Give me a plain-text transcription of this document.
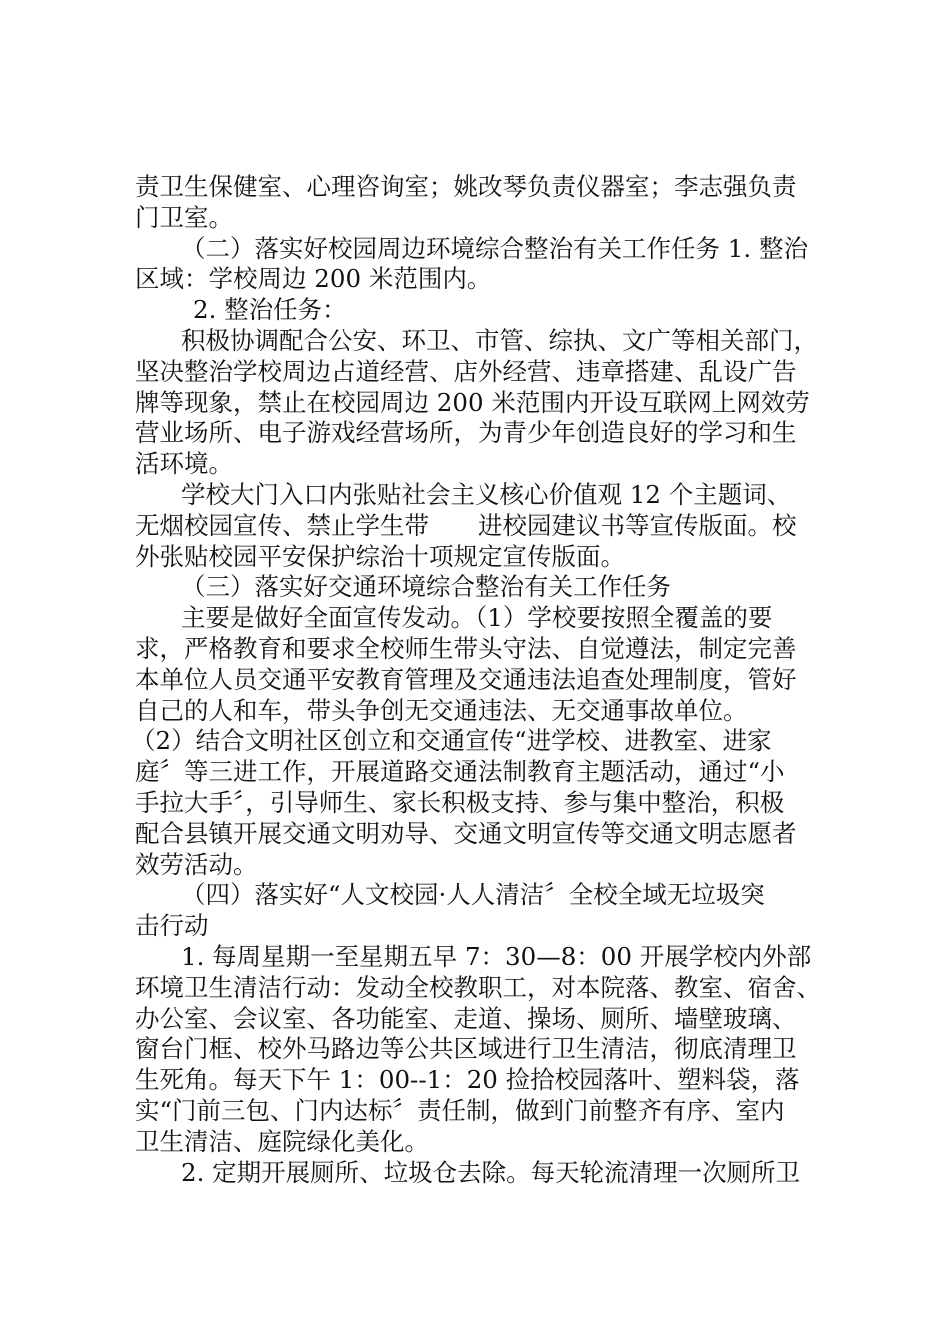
责卫生保健室、心理咨询室；姚改琴负责仪器室；李志强负责
门卫室。
（二）落实好校园周边环境综合整治有关工作任务 1. 整治
区域：学校周边 200 米范围内。
2. 整治任务：
积极协调配合公安、环卫、市管、综执、文广等相关部门，
坚决整治学校周边占道经营、店外经营、违章搭建、乱设广告
牌等现象，禁止在校园周边 200 米范围内开设互联网上网效劳
营业场所、电子游戏经营场所，为青少年创造良好的学习和生
活环境。
学校大门入口内张贴社会主义核心价值观 12 个主题词、
无烟校园宣传、禁止学生带　　进校园建议书等宣传版面。校
外张贴校园平安保护综治十项规定宣传版面。
（三）落实好交通环境综合整治有关工作任务
主要是做好全面宣传发动。（1）学校要按照全覆盖的要
求，严格教育和要求全校师生带头守法、自觉遵法，制定完善
本单位人员交通平安教育管理及交通违法追查处理制度，管好
自己的人和车，带头争创无交通违法、无交通事故单位。
（2）结合文明社区创立和交通宣传“进学校、进教室、进家
庭〞等三进工作，开展道路交通法制教育主题活动，通过“小
手拉大手〞，引导师生、家长积极支持、参与集中整治，积极
配合县镇开展交通文明劝导、交通文明宣传等交通文明志愿者
效劳活动。
（四）落实好“人文校园·人人清洁〞全校全域无垃圾突
击行动
1. 每周星期一至星期五早 7：30—8：00 开展学校内外部
环境卫生清洁行动：发动全校教职工，对本院落、教室、宿舍、
办公室、会议室、各功能室、走道、操场、厕所、墙壁玻璃、
窗台门框、校外马路边等公共区域进行卫生清洁，彻底清理卫
生死角。每天下午 1：00--1：20 捡拾校园落叶、塑料袋，落
实“门前三包、门内达标〞责任制，做到门前整齐有序、室内
卫生清洁、庭院绿化美化。
2. 定期开展厕所、垃圾仓去除。每天轮流清理一次厕所卫
